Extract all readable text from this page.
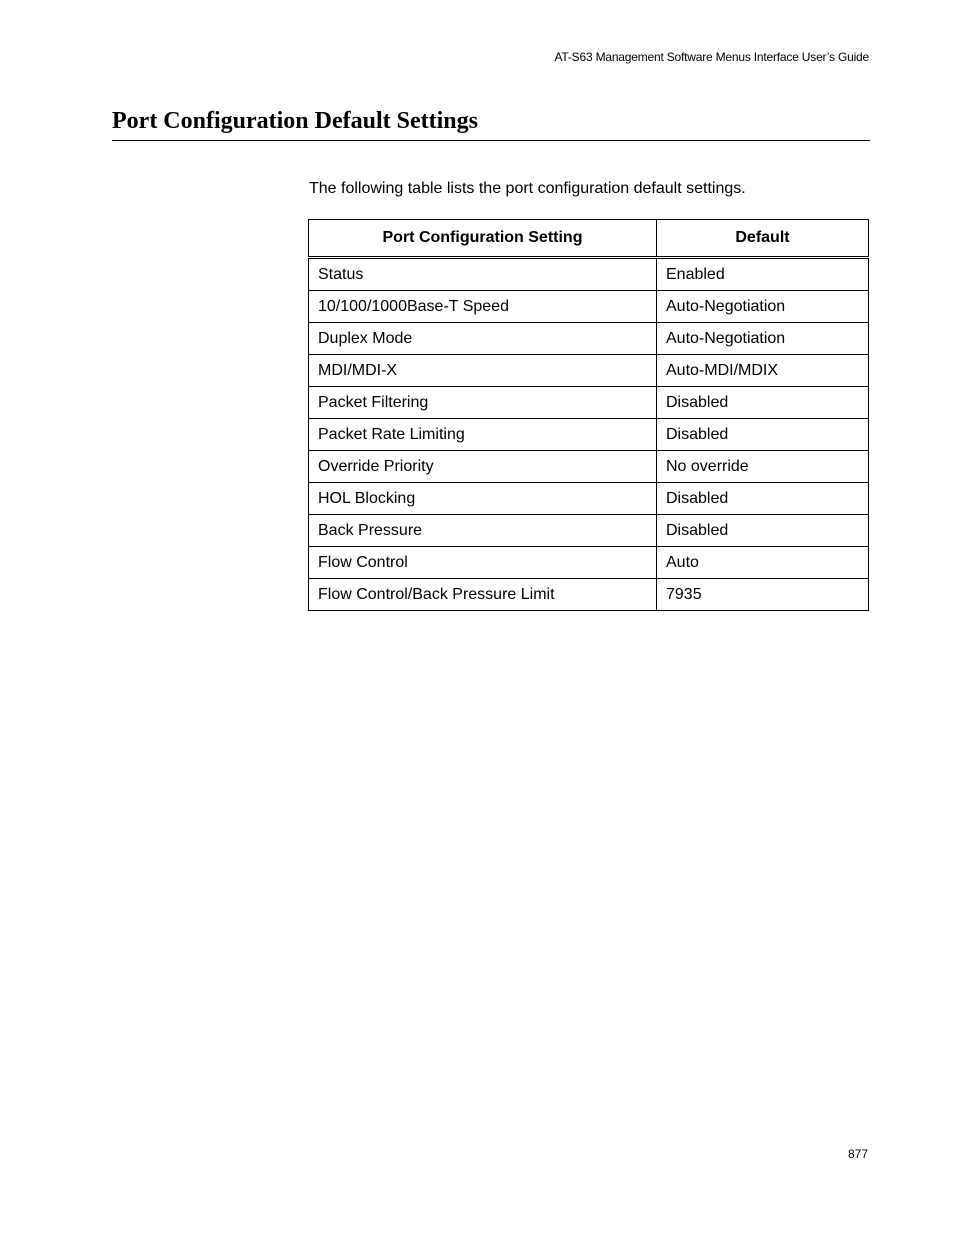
AT-S63 Management Software Menus Interface User’s Guide
Port Configuration Default Settings

The following table lists the port configuration default settings.

Port Configuration Setting	Default
Status	Enabled
10/100/1000Base-T Speed	Auto-Negotiation
Duplex Mode	Auto-Negotiation
MDI/MDI-X	Auto-MDI/MDIX
Packet Filtering	Disabled
Packet Rate Limiting	Disabled
Override Priority	No override
HOL Blocking	Disabled
Back Pressure	Disabled
Flow Control	Auto
Flow Control/Back Pressure Limit	7935
877
